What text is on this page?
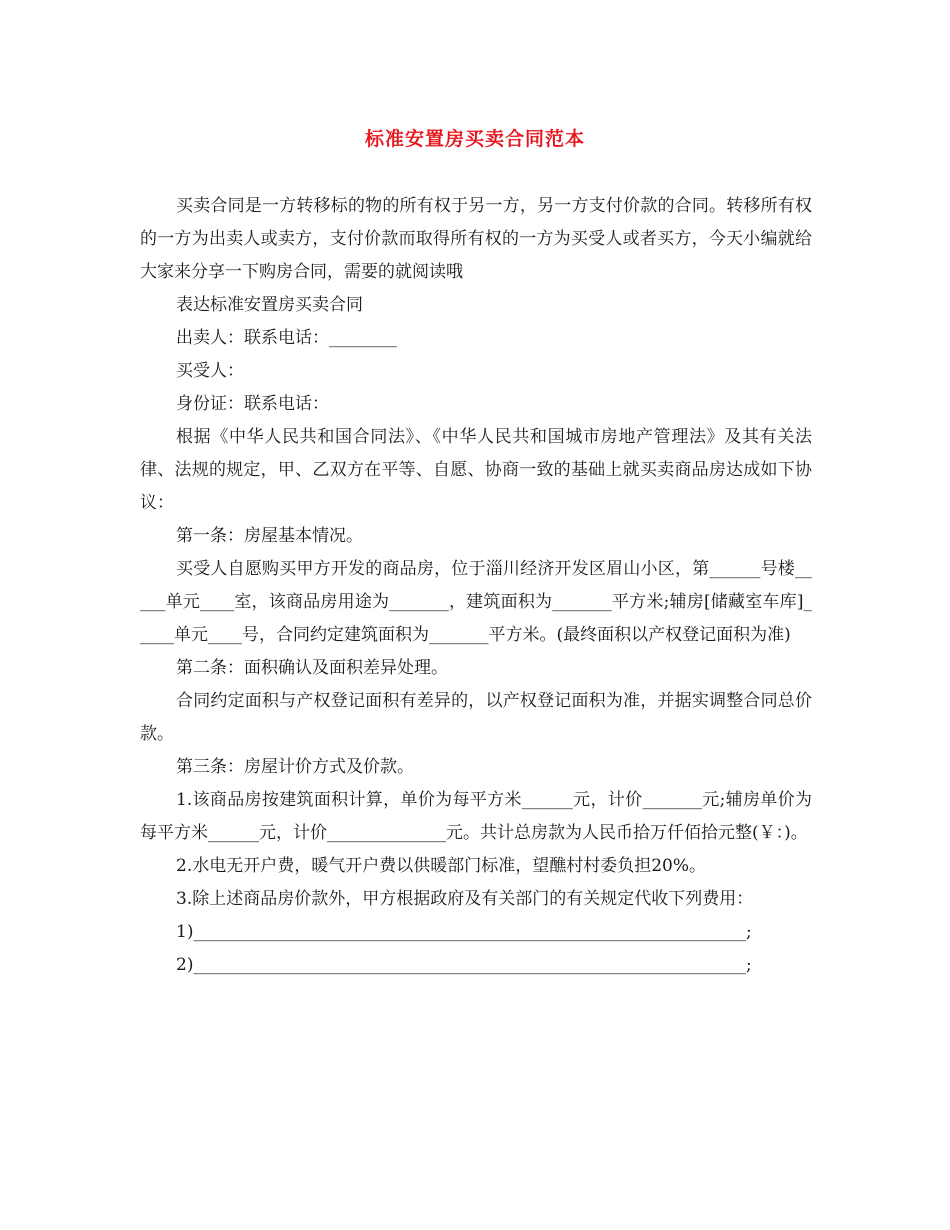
标准安置房买卖合同范本

买卖合同是一方转移标的物的所有权于另一方，另一方支付价款的合同。转移所有权的一方为出卖人或卖方，支付价款而取得所有权的一方为买受人或者买方，今天小编就给大家来分享一下购房合同，需要的就阅读哦

表达标准安置房买卖合同

出卖人：联系电话：________

买受人：

身份证：联系电话：

根据《中华人民共和国合同法》、《中华人民共和国城市房地产管理法》及其有关法律、法规的规定，甲、乙双方在平等、自愿、协商一致的基础上就买卖商品房达成如下协议：

第一条：房屋基本情况。

买受人自愿购买甲方开发的商品房，位于淄川经济开发区眉山小区，第______号楼_____单元____室，该商品房用途为_______，建筑面积为_______平方米;辅房[储藏室车库]_____单元____号，合同约定建筑面积为_______平方米。(最终面积以产权登记面积为准)

第二条：面积确认及面积差异处理。

合同约定面积与产权登记面积有差异的，以产权登记面积为准，并据实调整合同总价款。

第三条：房屋计价方式及价款。

1.该商品房按建筑面积计算，单价为每平方米______元，计价_______元;辅房单价为每平方米______元，计价______________元。共计总房款为人民币拾万仟佰拾元整(￥：)。

2.水电无开户费，暖气开户费以供暖部门标准，望醮村村委负担20%。

3.除上述商品房价款外，甲方根据政府及有关部门的有关规定代收下列费用：

1)_________________________________________________________________;

2)_________________________________________________________________;
